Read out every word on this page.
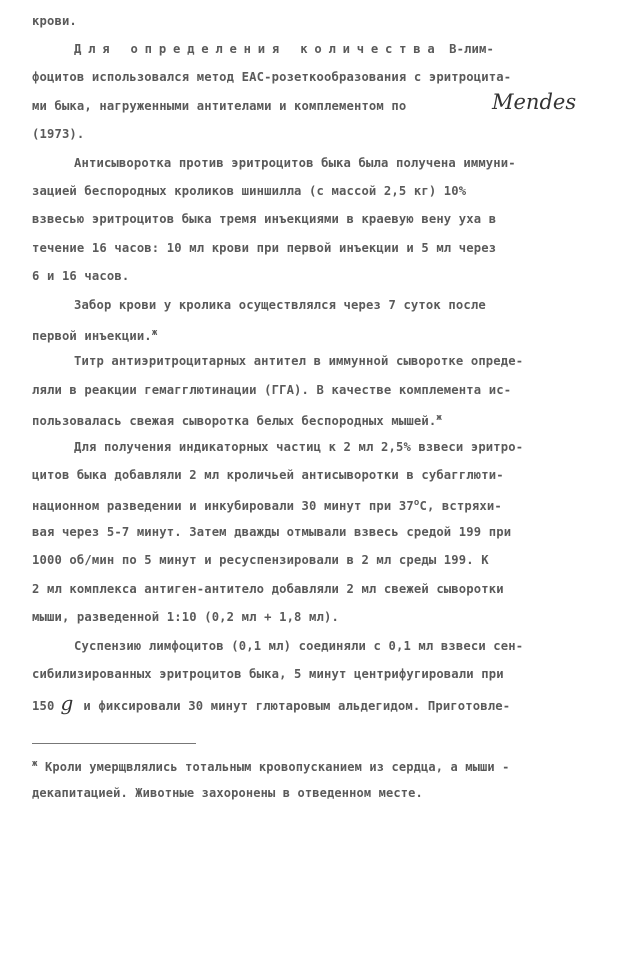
крови.
Для определения количества В-лим-
фоцитов использовался метод ЕАС-розеткообразования с эритроцита-
ми быка, нагруженными антителами и комплементом по	Mendes
(1973).
Антисыворотка против эритроцитов быка была получена иммуни-
зацией беспородных кроликов шиншилла (с массой 2,5 кг) 10%
взвесью эритроцитов быка тремя инъекциями в краевую вену уха в
течение 16 часов: 10 мл крови при первой инъекции и 5 мл через
6 и 16 часов.
Забор крови у кролика осуществлялся через 7 суток после
первой инъекции.$^ж$
Титр антиэритроцитарных антител в иммунной сыворотке опреде-
ляли в реакции гемагглютинации (ГГА). В качестве комплемента ис-
пользовалась свежая сыворотка белых беспородных мышей.$^ж$
Для получения индикаторных частиц к 2 мл 2,5% взвеси эритро-
цитов быка добавляли 2 мл кроличьей антисыворотки в субагглюти-
национном разведении и инкубировали 30 минут при $37^оС$, встряхи-
вая через 5-7 минут. Затем дважды отмывали взвесь средой 199 при
1000 об/мин по 5 минут и ресуспензировали в 2 мл среды 199. К
2 мл комплекса антиген-антитело добавляли 2 мл свежей сыворотки
мыши, разведенной 1:10 (0,2 мл + 1,8 мл).
Суспензию лимфоцитов (0,1 мл) соединяли с 0,1 мл взвеси сен-
сибилизированных эритроцитов быка, 5 минут центрифугировали при
150 g и фиксировали 30 минут глютаровым альдегидом. Приготовле-
$^ж$ Кроли умерщвлялись тотальным кровопусканием из сердца, а мыши -
декапитацией. Животные захоронены в отведенном месте.
